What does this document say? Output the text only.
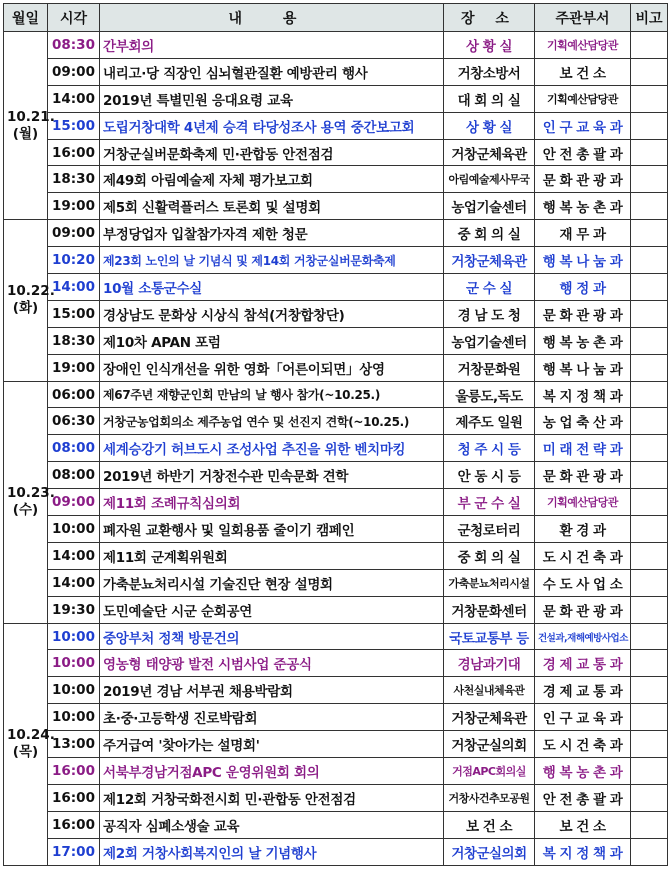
월일	시각	내 용	장 소	주관부서	비고

10.21.
(월)	08:30	간부회의	상 황 실	기획예산담당관	
	09:00	내리고·당 직장인 심뇌혈관질환 예방관리 행사	거창소방서	보 건 소	
	14:00	2019년 특별민원 응대요령 교육	대 회 의 실	기획예산담당관	
	15:00	도립거창대학 4년제 승격 타당성조사 용역 중간보고회	상 황 실	인 구 교 육 과	
	16:00	거창군실버문화축제 민·관합동 안전점검	거창군체육관	안 전 총 괄 과	
	18:30	제49회 아림예술제 자체 평가보고회	아림예술제사무국	문 화 관 광 과	
	19:00	제5회 신활력플러스 토론회 및 설명회	농업기술센터	행 복 농 촌 과	

10.22.
(화)	09:00	부정당업자 입찰참가자격 제한 청문	중 회 의 실	재 무 과	
	10:20	제23회 노인의 날 기념식 및 제14회 거창군실버문화축제	거창군체육관	행 복 나 눔 과	
	14:00	10월 소통군수실	군 수 실	행 정 과	
	15:00	경상남도 문화상 시상식 참석(거창합창단)	경 남 도 청	문 화 관 광 과	
	18:30	제10차 APAN 포럼	농업기술센터	행 복 농 촌 과	
	19:00	장애인 인식개선을 위한 영화「어른이되면」상영	거창문화원	행 복 나 눔 과	

10.23.
(수)	06:00	제67주년 재향군인회 만남의 날 행사 참가(~10.25.)	울릉도,독도	복 지 정 책 과	
	06:30	거창군농업회의소 제주농업 연수 및 선진지 견학(~10.25.)	제주도 일원	농 업 축 산 과	
	08:00	세계승강기 허브도시 조성사업 추진을 위한 벤치마킹	청 주 시 등	미 래 전 략 과	
	08:00	2019년 하반기 거창전수관 민속문화 견학	안 동 시 등	문 화 관 광 과	
	09:00	제11회 조례규칙심의회	부 군 수 실	기획예산담당관	
	10:00	폐자원 교환행사 및 일회용품 줄이기 캠페인	군청로터리	환 경 과	
	14:00	제11회 군계획위원회	중 회 의 실	도 시 건 축 과	
	14:00	가축분뇨처리시설 기술진단 현장 설명회	가축분뇨처리시설	수 도 사 업 소	
	19:30	도민예술단 시군 순회공연	거창문화센터	문 화 관 광 과	

10.24.
(목)	10:00	중앙부처 정책 방문건의	국토교통부 등	건설과,재해예방사업소	
	10:00	영농형 태양광 발전 시범사업 준공식	경남과기대	경 제 교 통 과	
	10:00	2019년 경남 서부권 채용박람회	사천실내체육관	경 제 교 통 과	
	10:00	초·중·고등학생 진로박람회	거창군체육관	인 구 교 육 과	
	13:00	주거급여 '찾아가는 설명회'	거창군실의회	도 시 건 축 과	
	16:00	서북부경남거점APC 운영위원회 회의	거점APC회의실	행 복 농 촌 과	
	16:00	제12회 거창국화전시회 민·관합동 안전점검	거창사건추모공원	안 전 총 괄 과	
	16:00	공직자 심폐소생술 교육	보 건 소	보 건 소	
	17:00	제2회 거창사회복지인의 날 기념행사	거창군실의회	복 지 정 책 과	
